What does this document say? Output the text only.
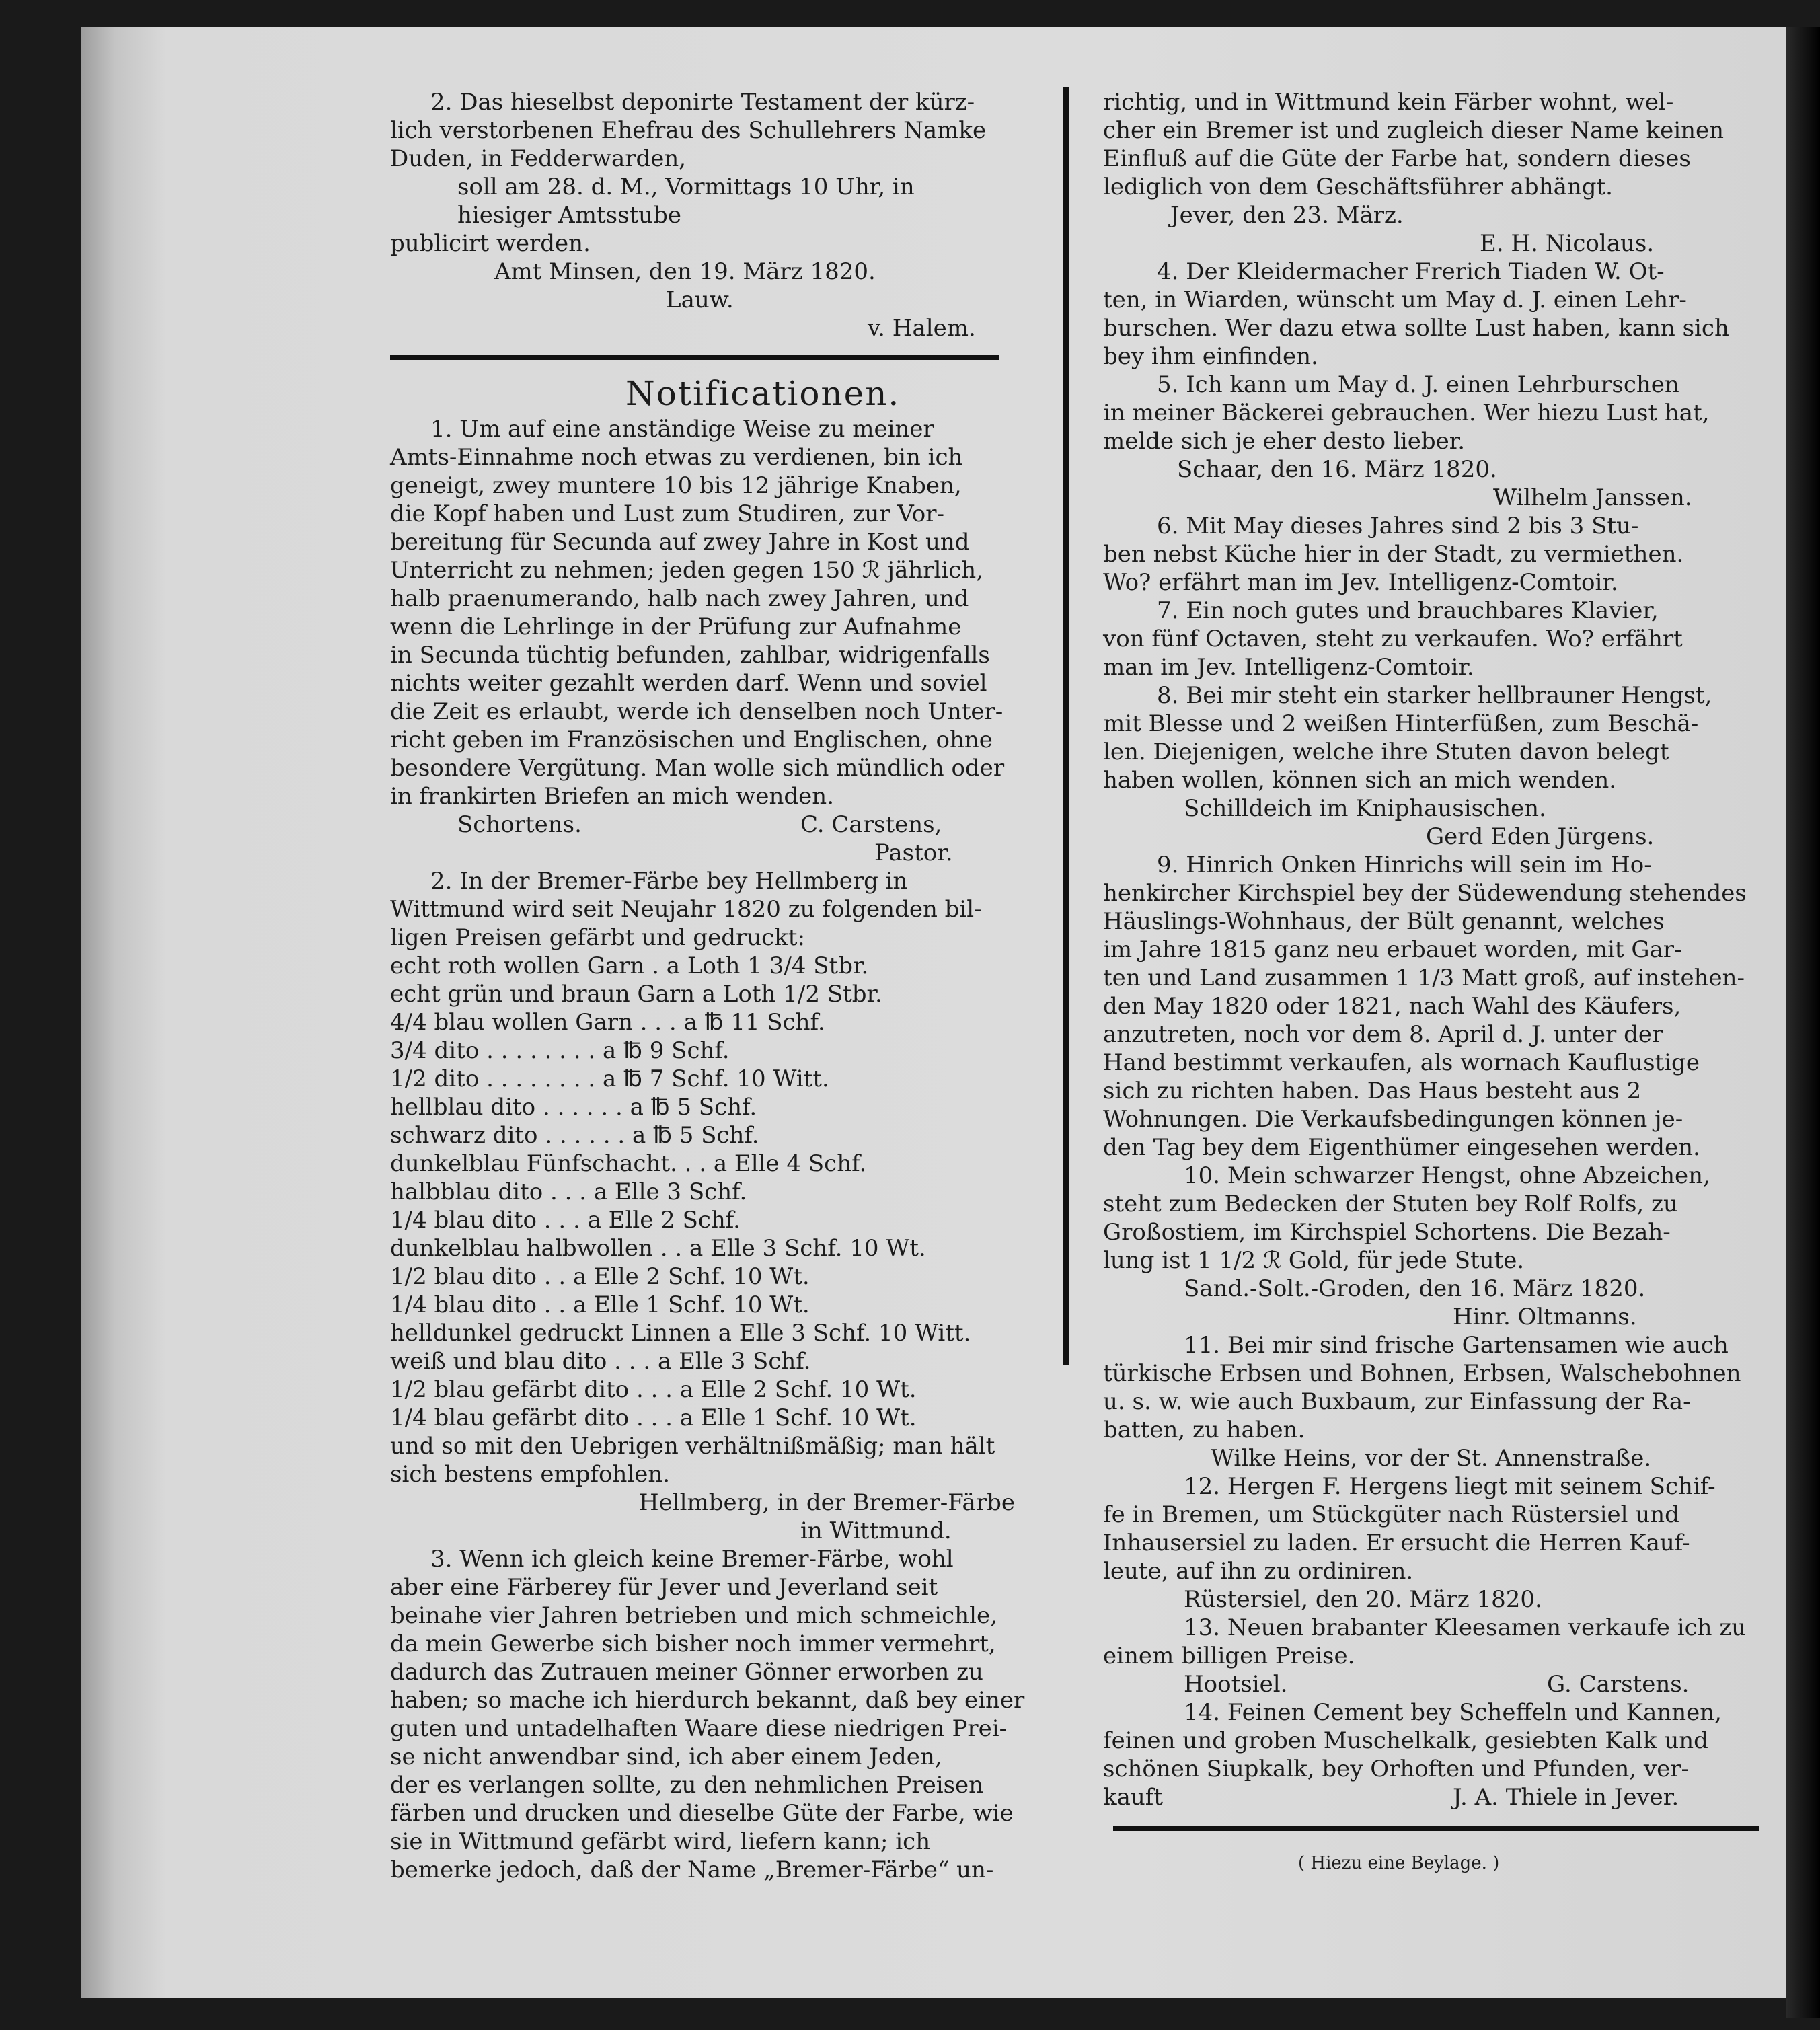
2. Das hieselbst deponirte Testament der kürz-
lich verstorbenen Ehefrau des Schullehrers Namke
Duden, in Fedderwarden,
soll am 28. d. M., Vormittags 10 Uhr, in
hiesiger Amtsstube
publicirt werden.
Amt Minsen, den 19. März 1820.
Lauw.
v. Halem.
Notificationen.
1. Um auf eine anständige Weise zu meiner
Amts-Einnahme noch etwas zu verdienen, bin ich
geneigt, zwey muntere 10 bis 12 jährige Knaben,
die Kopf haben und Lust zum Studiren, zur Vor-
bereitung für Secunda auf zwey Jahre in Kost und
Unterricht zu nehmen; jeden gegen 150 ℛ jährlich,
halb praenumerando, halb nach zwey Jahren, und
wenn die Lehrlinge in der Prüfung zur Aufnahme
in Secunda tüchtig befunden, zahlbar, widrigenfalls
nichts weiter gezahlt werden darf. Wenn und soviel
die Zeit es erlaubt, werde ich denselben noch Unter-
richt geben im Französischen und Englischen, ohne
besondere Vergütung. Man wolle sich mündlich oder
in frankirten Briefen an mich wenden.
Schortens.	C. Carstens,
Pastor.
2. In der Bremer-Färbe bey Hellmberg in
Wittmund wird seit Neujahr 1820 zu folgenden bil-
ligen Preisen gefärbt und gedruckt:
echt roth wollen Garn . a Loth 1 3/4 Stbr.
echt grün und braun Garn a Loth 1/2 Stbr.
4/4 blau wollen Garn . . . a ℔ 11 Schf.
3/4 dito . . . . . . . . a ℔ 9 Schf.
1/2 dito . . . . . . . . a ℔ 7 Schf. 10 Witt.
hellblau dito . . . . . . a ℔ 5 Schf.
schwarz dito . . . . . . a ℔ 5 Schf.
dunkelblau Fünfschacht. . . a Elle 4 Schf.
halbblau dito . . . a Elle 3 Schf.
1/4 blau dito . . . a Elle 2 Schf.
dunkelblau halbwollen . . a Elle 3 Schf. 10 Wt.
1/2 blau dito . . a Elle 2 Schf. 10 Wt.
1/4 blau dito . . a Elle 1 Schf. 10 Wt.
helldunkel gedruckt Linnen a Elle 3 Schf. 10 Witt.
weiß und blau dito . . . a Elle 3 Schf.
1/2 blau gefärbt dito . . . a Elle 2 Schf. 10 Wt.
1/4 blau gefärbt dito . . . a Elle 1 Schf. 10 Wt.
und so mit den Uebrigen verhältnißmäßig; man hält
sich bestens empfohlen.
Hellmberg, in der Bremer-Färbe
in Wittmund.
3. Wenn ich gleich keine Bremer-Färbe, wohl
aber eine Färberey für Jever und Jeverland seit
beinahe vier Jahren betrieben und mich schmeichle,
da mein Gewerbe sich bisher noch immer vermehrt,
dadurch das Zutrauen meiner Gönner erworben zu
haben; so mache ich hierdurch bekannt, daß bey einer
guten und untadelhaften Waare diese niedrigen Prei-
se nicht anwendbar sind, ich aber einem Jeden,
der es verlangen sollte, zu den nehmlichen Preisen
färben und drucken und dieselbe Güte der Farbe, wie
sie in Wittmund gefärbt wird, liefern kann; ich
bemerke jedoch, daß der Name „Bremer-Färbe“ un-
richtig, und in Wittmund kein Färber wohnt, wel-
cher ein Bremer ist und zugleich dieser Name keinen
Einfluß auf die Güte der Farbe hat, sondern dieses
lediglich von dem Geschäftsführer abhängt.
Jever, den 23. März.
E. H. Nicolaus.
4. Der Kleidermacher Frerich Tiaden W. Ot-
ten, in Wiarden, wünscht um May d. J. einen Lehr-
burschen. Wer dazu etwa sollte Lust haben, kann sich
bey ihm einfinden.
5. Ich kann um May d. J. einen Lehrburschen
in meiner Bäckerei gebrauchen. Wer hiezu Lust hat,
melde sich je eher desto lieber.
Schaar, den 16. März 1820.
Wilhelm Janssen.
6. Mit May dieses Jahres sind 2 bis 3 Stu-
ben nebst Küche hier in der Stadt, zu vermiethen.
Wo? erfährt man im Jev. Intelligenz-Comtoir.
7. Ein noch gutes und brauchbares Klavier,
von fünf Octaven, steht zu verkaufen. Wo? erfährt
man im Jev. Intelligenz-Comtoir.
8. Bei mir steht ein starker hellbrauner Hengst,
mit Blesse und 2 weißen Hinterfüßen, zum Beschä-
len. Diejenigen, welche ihre Stuten davon belegt
haben wollen, können sich an mich wenden.
Schilldeich im Kniphausischen.
Gerd Eden Jürgens.
9. Hinrich Onken Hinrichs will sein im Ho-
henkircher Kirchspiel bey der Südewendung stehendes
Häuslings-Wohnhaus, der Bült genannt, welches
im Jahre 1815 ganz neu erbauet worden, mit Gar-
ten und Land zusammen 1 1/3 Matt groß, auf instehen-
den May 1820 oder 1821, nach Wahl des Käufers,
anzutreten, noch vor dem 8. April d. J. unter der
Hand bestimmt verkaufen, als wornach Kauflustige
sich zu richten haben. Das Haus besteht aus 2
Wohnungen. Die Verkaufsbedingungen können je-
den Tag bey dem Eigenthümer eingesehen werden.
10. Mein schwarzer Hengst, ohne Abzeichen,
steht zum Bedecken der Stuten bey Rolf Rolfs, zu
Großostiem, im Kirchspiel Schortens. Die Bezah-
lung ist 1 1/2 ℛ Gold, für jede Stute.
Sand.-Solt.-Groden, den 16. März 1820.
Hinr. Oltmanns.
11. Bei mir sind frische Gartensamen wie auch
türkische Erbsen und Bohnen, Erbsen, Walschebohnen
u. s. w. wie auch Buxbaum, zur Einfassung der Ra-
batten, zu haben.
Wilke Heins, vor der St. Annenstraße.
12. Hergen F. Hergens liegt mit seinem Schif-
fe in Bremen, um Stückgüter nach Rüstersiel und
Inhausersiel zu laden. Er ersucht die Herren Kauf-
leute, auf ihn zu ordiniren.
Rüstersiel, den 20. März 1820.
13. Neuen brabanter Kleesamen verkaufe ich zu
einem billigen Preise.
Hootsiel.	G. Carstens.
14. Feinen Cement bey Scheffeln und Kannen,
feinen und groben Muschelkalk, gesiebten Kalk und
schönen Siupkalk, bey Orhoften und Pfunden, ver-
kauft	J. A. Thiele in Jever.
( Hiezu eine Beylage. )
